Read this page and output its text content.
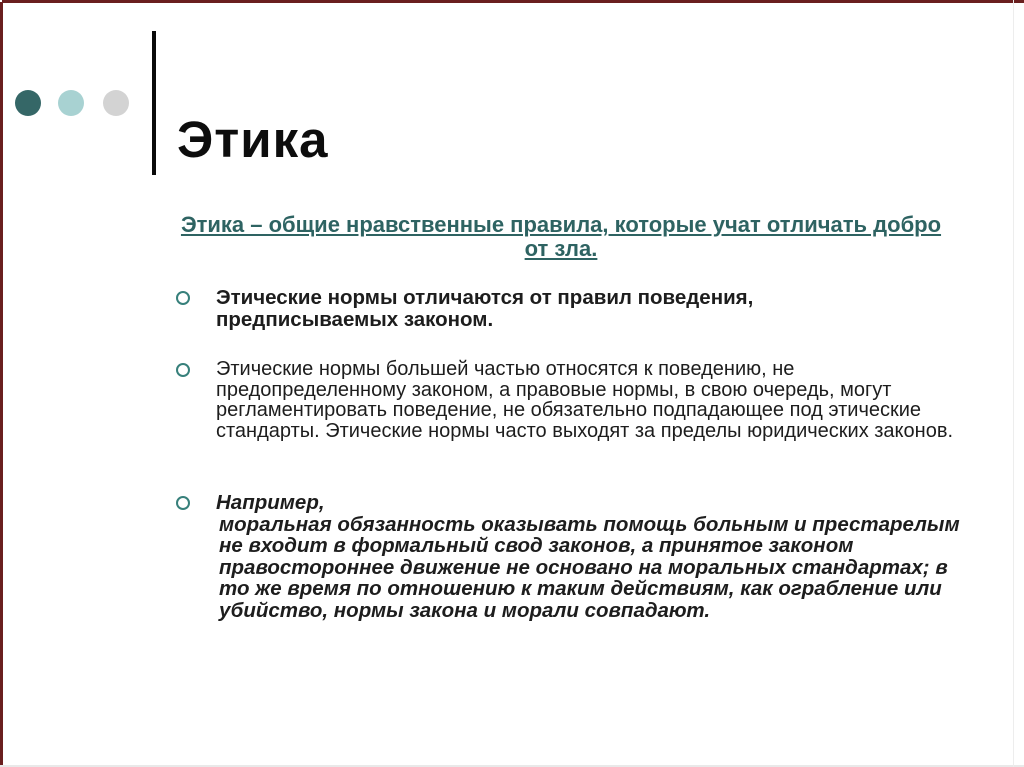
Этика
Этика – общие нравственные правила, которые учат отличать добро от зла.
Этические нормы отличаются от правил поведения, предписываемых законом.
Этические нормы большей частью относятся к поведению, не предопределенному законом, а правовые нормы, в свою очередь, могут регламентировать поведение, не обязательно подпадающее под этические стандарты. Этические нормы часто выходят за пределы юридических законов.
Например,
моральная обязанность оказывать помощь больным и престарелым не входит в формальный свод законов, а принятое законом правостороннее движение не основано на моральных стандартах; в то же время по отношению к таким действиям, как ограбление или убийство, нормы закона и морали совпадают.
